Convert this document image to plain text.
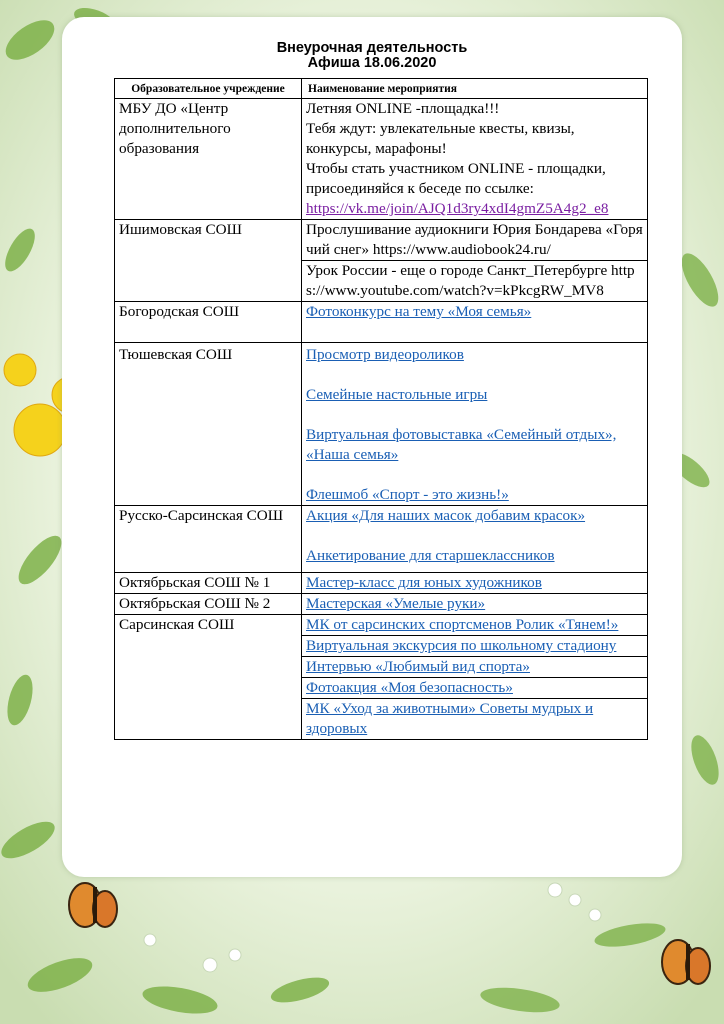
Внеурочная деятельность
Афиша 18.06.2020
Образовательное учреждение	Наименование мероприятия
МБУ ДО «Центр дополнительного образования	Летняя ONLINE -площадка!!!
Тебя ждут: увлекательные квесты, квизы, конкурсы, марафоны!
Чтобы стать участником ONLINE - площадки, присоединяйся к беседе по ссылке:
https://vk.me/join/AJQ1d3ry4xdI4gmZ5A4g2_e8

Ишимовская СОШ	Прослушивание аудиокниги Юрия Бондарева «Горячий снег» https://www.audiobook24.ru/
	Урок России - еще о городе Санкт_Петербурге https://www.youtube.com/watch?v=kPkcgRW_MV8
Богородская СОШ	Фотоконкурс на тему «Моя семья»
Тюшевская СОШ	Просмотр видеороликов
Семейные настольные игры
Виртуальная фотовыставка «Семейный отдых», «Наша семья»
Флешмоб «Спорт - это жизнь!»

Русско-Сарсинская СОШ	Акция «Для наших масок добавим красок»
Анкетирование для старшеклассников

Октябрьская СОШ № 1	Мастер-класс для юных художников
Октябрьская СОШ № 2	Мастерская «Умелые руки»
Сарсинская СОШ	МК от сарсинских спортсменов Ролик «Тянем!»
	Виртуальная экскурсия по школьному стадиону
	Интервью «Любимый вид спорта»
	Фотоакция «Моя безопасность»
	МК «Уход за животными» Советы мудрых и здоровых
